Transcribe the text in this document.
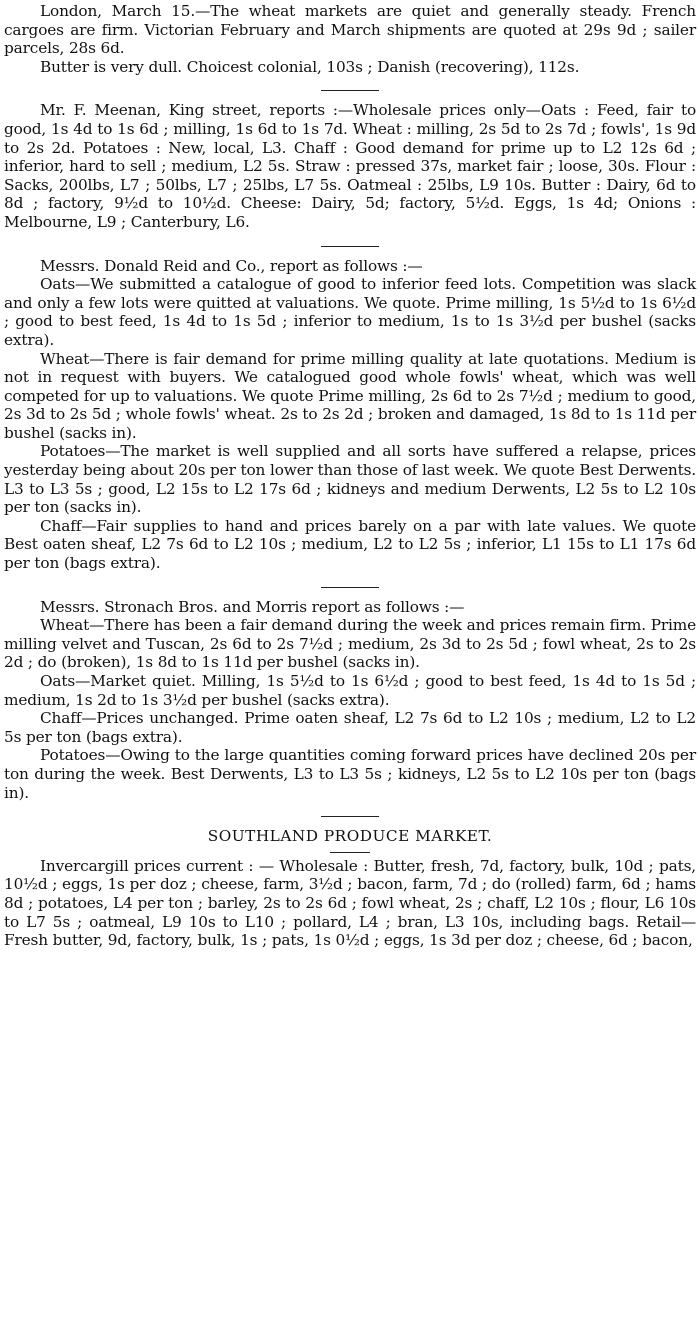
London, March 15.—The wheat markets are quiet and generally steady. French cargoes are firm. Victorian February and March shipments are quoted at 29s 9d ; sailer parcels, 28s 6d.

Butter is very dull. Choicest colonial, 103s ; Danish (recovering), 112s.

Mr. F. Meenan, King street, reports :—Wholesale prices only—Oats : Feed, fair to good, 1s 4d to 1s 6d ; milling, 1s 6d to 1s 7d. Wheat : milling, 2s 5d to 2s 7d ; fowls', 1s 9d to 2s 2d. Potatoes : New, local, L3. Chaff : Good demand for prime up to L2 12s 6d ; inferior, hard to sell ; medium, L2 5s. Straw : pressed 37s, market fair ; loose, 30s. Flour : Sacks, 200lbs, L7 ; 50lbs, L7 ; 25lbs, L7 5s. Oatmeal : 25lbs, L9 10s. Butter : Dairy, 6d to 8d ; factory, 9½d to 10½d. Cheese: Dairy, 5d; factory, 5½d. Eggs, 1s 4d; Onions : Melbourne, L9 ; Canterbury, L6.

Messrs. Donald Reid and Co., report as follows :—

Oats—We submitted a catalogue of good to inferior feed lots. Competition was slack and only a few lots were quitted at valuations. We quote. Prime milling, 1s 5½d to 1s 6½d ; good to best feed, 1s 4d to 1s 5d ; inferior to medium, 1s to 1s 3½d per bushel (sacks extra).

Wheat—There is fair demand for prime milling quality at late quotations. Medium is not in request with buyers. We catalogued good whole fowls' wheat, which was well competed for up to valuations. We quote Prime milling, 2s 6d to 2s 7½d ; medium to good, 2s 3d to 2s 5d ; whole fowls' wheat. 2s to 2s 2d ; broken and damaged, 1s 8d to 1s 11d per bushel (sacks in).

Potatoes—The market is well supplied and all sorts have suffered a relapse, prices yesterday being about 20s per ton lower than those of last week. We quote Best Derwents. L3 to L3 5s ; good, L2 15s to L2 17s 6d ; kidneys and medium Derwents, L2 5s to L2 10s per ton (sacks in).

Chaff—Fair supplies to hand and prices barely on a par with late values. We quote Best oaten sheaf, L2 7s 6d to L2 10s ; medium, L2 to L2 5s ; inferior, L1 15s to L1 17s 6d per ton (bags extra).

Messrs. Stronach Bros. and Morris report as follows :—

Wheat—There has been a fair demand during the week and prices remain firm. Prime milling velvet and Tuscan, 2s 6d to 2s 7½d ; medium, 2s 3d to 2s 5d ; fowl wheat, 2s to 2s 2d ; do (broken), 1s 8d to 1s 11d per bushel (sacks in).

Oats—Market quiet. Milling, 1s 5½d to 1s 6½d ; good to best feed, 1s 4d to 1s 5d ; medium, 1s 2d to 1s 3½d per bushel (sacks extra).

Chaff—Prices unchanged. Prime oaten sheaf, L2 7s 6d to L2 10s ; medium, L2 to L2 5s per ton (bags extra).

Potatoes—Owing to the large quantities coming forward prices have declined 20s per ton during the week. Best Derwents, L3 to L3 5s ; kidneys, L2 5s to L2 10s per ton (bags in).

SOUTHLAND PRODUCE MARKET.

Invercargill prices current : — Wholesale : Butter, fresh, 7d, factory, bulk, 10d ; pats, 10½d ; eggs, 1s per doz ; cheese, farm, 3½d ; bacon, farm, 7d ; do (rolled) farm, 6d ; hams 8d ; potatoes, L4 per ton ; barley, 2s to 2s 6d ; fowl wheat, 2s ; chaff, L2 10s ; flour, L6 10s to L7 5s ; oatmeal, L9 10s to L10 ; pollard, L4 ; bran, L3 10s, including bags. Retail—Fresh butter, 9d, factory, bulk, 1s ; pats, 1s 0½d ; eggs, 1s 3d per doz ; cheese, 6d ; bacon,
